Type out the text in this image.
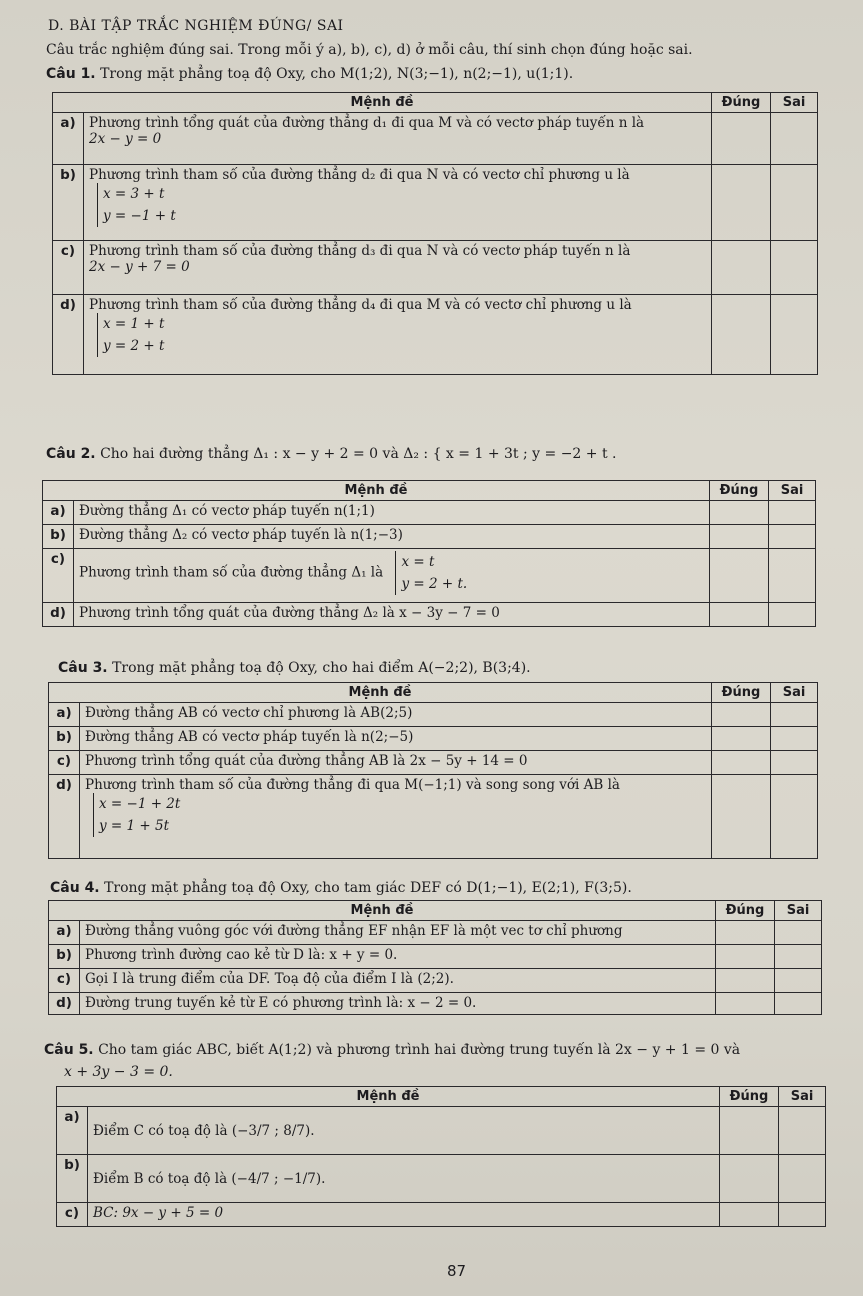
D. BÀI TẬP TRẮC NGHIỆM ĐÚNG/ SAI
Câu trắc nghiệm đúng sai. Trong mỗi ý a), b), c), d) ở mỗi câu, thí sinh chọn đúng hoặc sai.
Câu 1. Trong mặt phẳng toạ độ Oxy, cho M(1;2), N(3;−1), n(2;−1), u(1;1).
Mệnh đề		Đúng	Sai
a)	Phương trình tổng quát của đường thẳng d₁ đi qua M và có vectơ pháp tuyến n là
2x − y = 0		

b)	Phương trình tham số của đường thẳng d₂ đi qua N và có vectơ chỉ phương u là
x = 3 + t
y = −1 + t		

c)	Phương trình tham số của đường thẳng d₃ đi qua N và có vectơ pháp tuyến n là
2x − y + 7 = 0		

d)	Phương trình tham số của đường thẳng d₄ đi qua M và có vectơ chỉ phương u là
x = 1 + t
y = 2 + t		

Câu 2. Cho hai đường thẳng Δ₁ : x − y + 2 = 0 và Δ₂ : { x = 1 + 3t ; y = −2 + t .
Mệnh đề		Đúng	Sai
a)	Đường thẳng Δ₁ có vectơ pháp tuyến n(1;1)		
b)	Đường thẳng Δ₂ có vectơ pháp tuyến là n(1;−3)		
c)	Phương trình tham số của đường thẳng Δ₁ là
x = t
y = 2 + t.		

d)	Phương trình tổng quát của đường thẳng Δ₂ là x − 3y − 7 = 0		
Câu 3. Trong mặt phẳng toạ độ Oxy, cho hai điểm A(−2;2), B(3;4).
Mệnh đề		Đúng	Sai
a)	Đường thẳng AB có vectơ chỉ phương là AB(2;5)		
b)	Đường thẳng AB có vectơ pháp tuyến là n(2;−5)		
c)	Phương trình tổng quát của đường thẳng AB là 2x − 5y + 14 = 0		
d)	Phương trình tham số của đường thẳng đi qua M(−1;1) và song song với AB là
x = −1 + 2t
y = 1 + 5t		

Câu 4. Trong mặt phẳng toạ độ Oxy, cho tam giác DEF có D(1;−1), E(2;1), F(3;5).
Mệnh đề		Đúng	Sai
a)	Đường thẳng vuông góc với đường thẳng EF nhận EF là một vec tơ chỉ phương		
b)	Phương trình đường cao kẻ từ D là: x + y = 0.		
c)	Gọi I là trung điểm của DF. Toạ độ của điểm I là (2;2).		
d)	Đường trung tuyến kẻ từ E có phương trình là: x − 2 = 0.		
Câu 5. Cho tam giác ABC, biết A(1;2) và phương trình hai đường trung tuyến là 2x − y + 1 = 0 và
x + 3y − 3 = 0.
Mệnh đề		Đúng	Sai
a)	Điểm C có toạ độ là (−3/7 ; 8/7).		
b)	Điểm B có toạ độ là (−4/7 ; −1/7).		
c)	BC: 9x − y + 5 = 0		
87
